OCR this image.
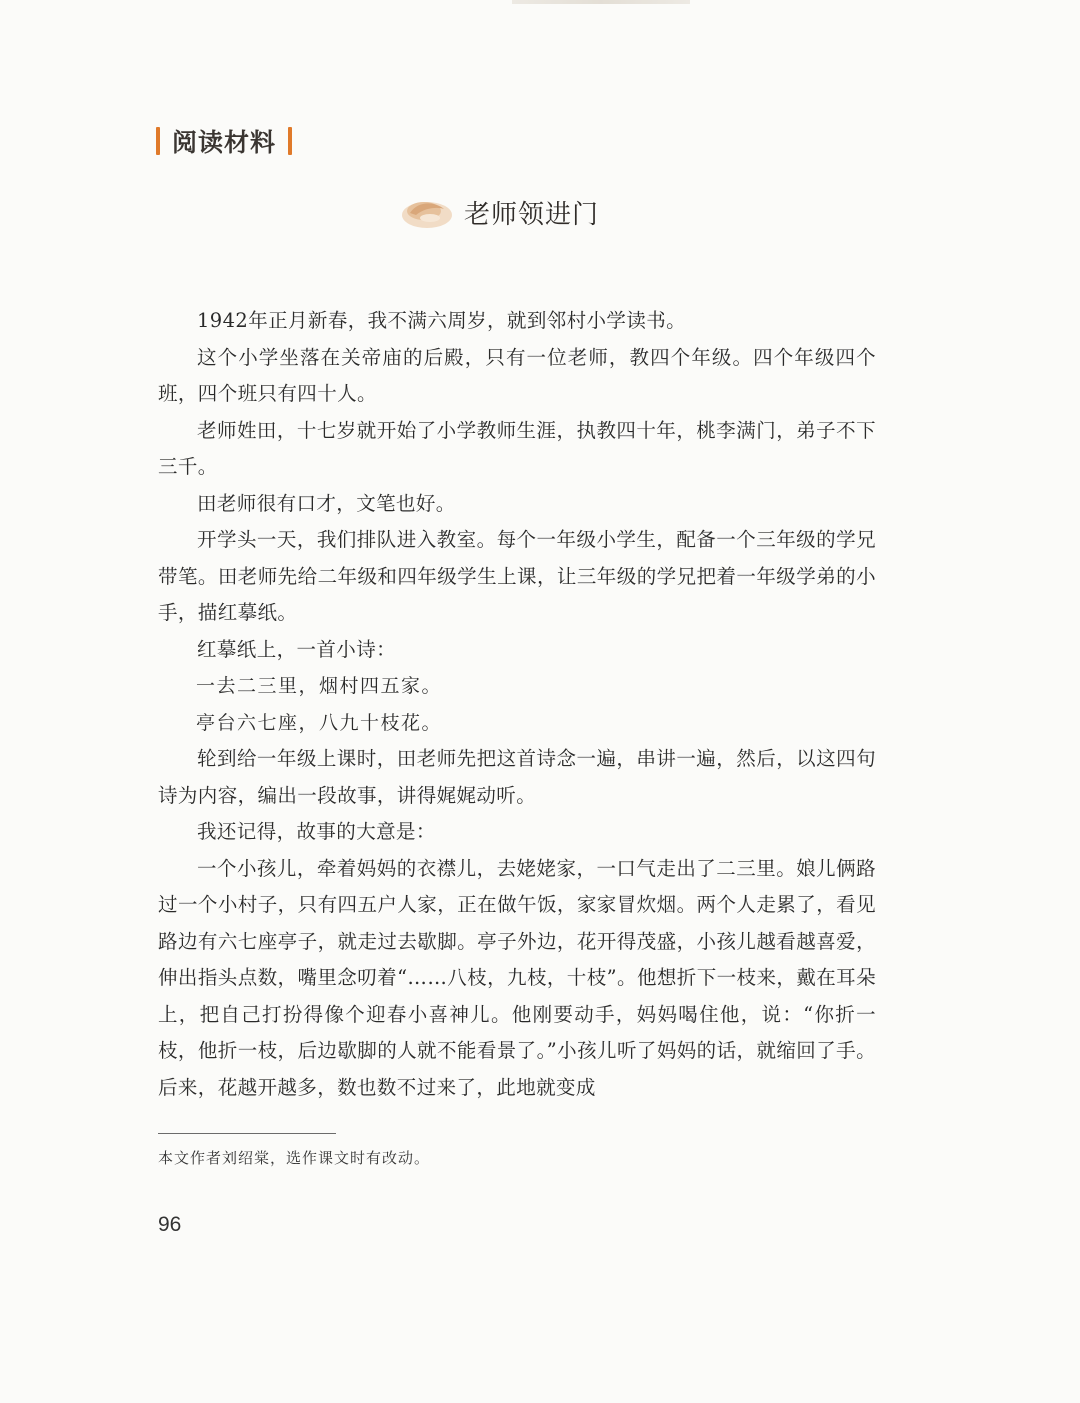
阅读材料
老师领进门

1942年正月新春，我不满六周岁，就到邻村小学读书。

这个小学坐落在关帝庙的后殿，只有一位老师，教四个年级。四个年级四个班，四个班只有四十人。

老师姓田，十七岁就开始了小学教师生涯，执教四十年，桃李满门，弟子不下三千。

田老师很有口才，文笔也好。

开学头一天，我们排队进入教室。每个一年级小学生，配备一个三年级的学兄带笔。田老师先给二年级和四年级学生上课，让三年级的学兄把着一年级学弟的小手，描红摹纸。

红摹纸上，一首小诗：

一去二三里，烟村四五家。

亭台六七座，八九十枝花。

轮到给一年级上课时，田老师先把这首诗念一遍，串讲一遍，然后，以这四句诗为内容，编出一段故事，讲得娓娓动听。

我还记得，故事的大意是：

一个小孩儿，牵着妈妈的衣襟儿，去姥姥家，一口气走出了二三里。娘儿俩路过一个小村子，只有四五户人家，正在做午饭，家家冒炊烟。两个人走累了，看见路边有六七座亭子，就走过去歇脚。亭子外边，花开得茂盛，小孩儿越看越喜爱，伸出指头点数，嘴里念叨着“……八枝，九枝，十枝”。他想折下一枝来，戴在耳朵上，把自己打扮得像个迎春小喜神儿。他刚要动手，妈妈喝住他，说：“你折一枝，他折一枝，后边歇脚的人就不能看景了。”小孩儿听了妈妈的话，就缩回了手。后来，花越开越多，数也数不过来了，此地就变成

本文作者刘绍棠，选作课文时有改动。
96
